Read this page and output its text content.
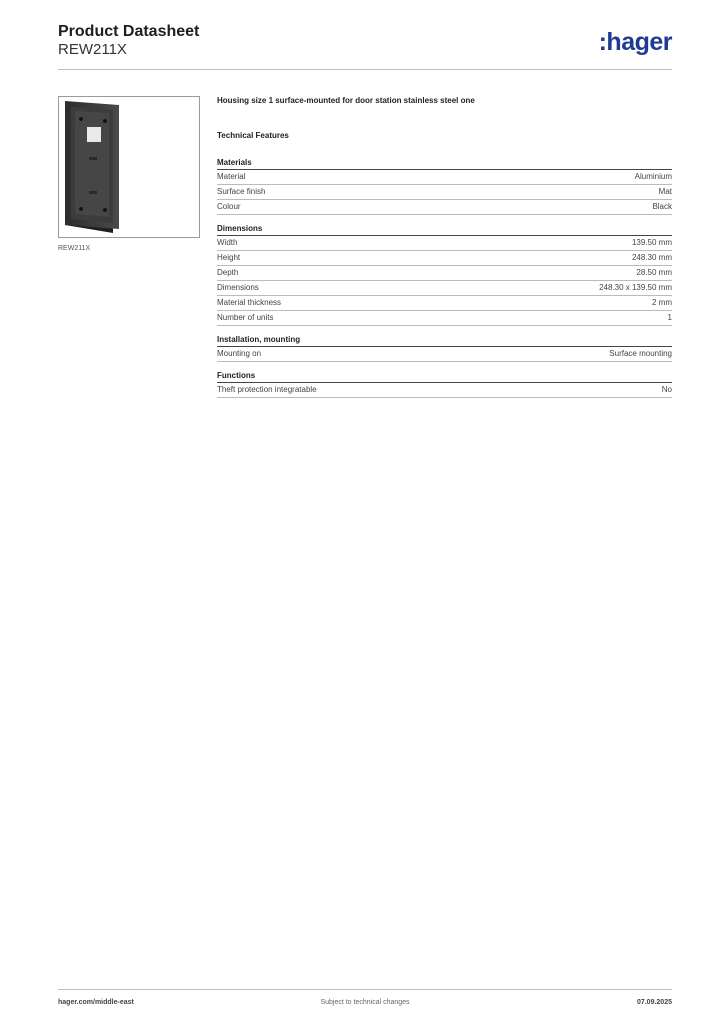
Product Datasheet
REW211X	:hager
REW211X
Housing size 1 surface-mounted for door station stainless steel one
Technical Features
Materials
Material	Aluminium
Surface finish	Mat
Colour	Black
Dimensions
Width	139.50 mm
Height	248.30 mm
Depth	28.50 mm
Dimensions	248.30 x 139.50 mm
Material thickness	2 mm
Number of units	1
Installation, mounting
Mounting on	Surface mounting
Functions
Theft protection integratable	No
hager.com/middle-east	Subject to technical changes	07.09.2025
